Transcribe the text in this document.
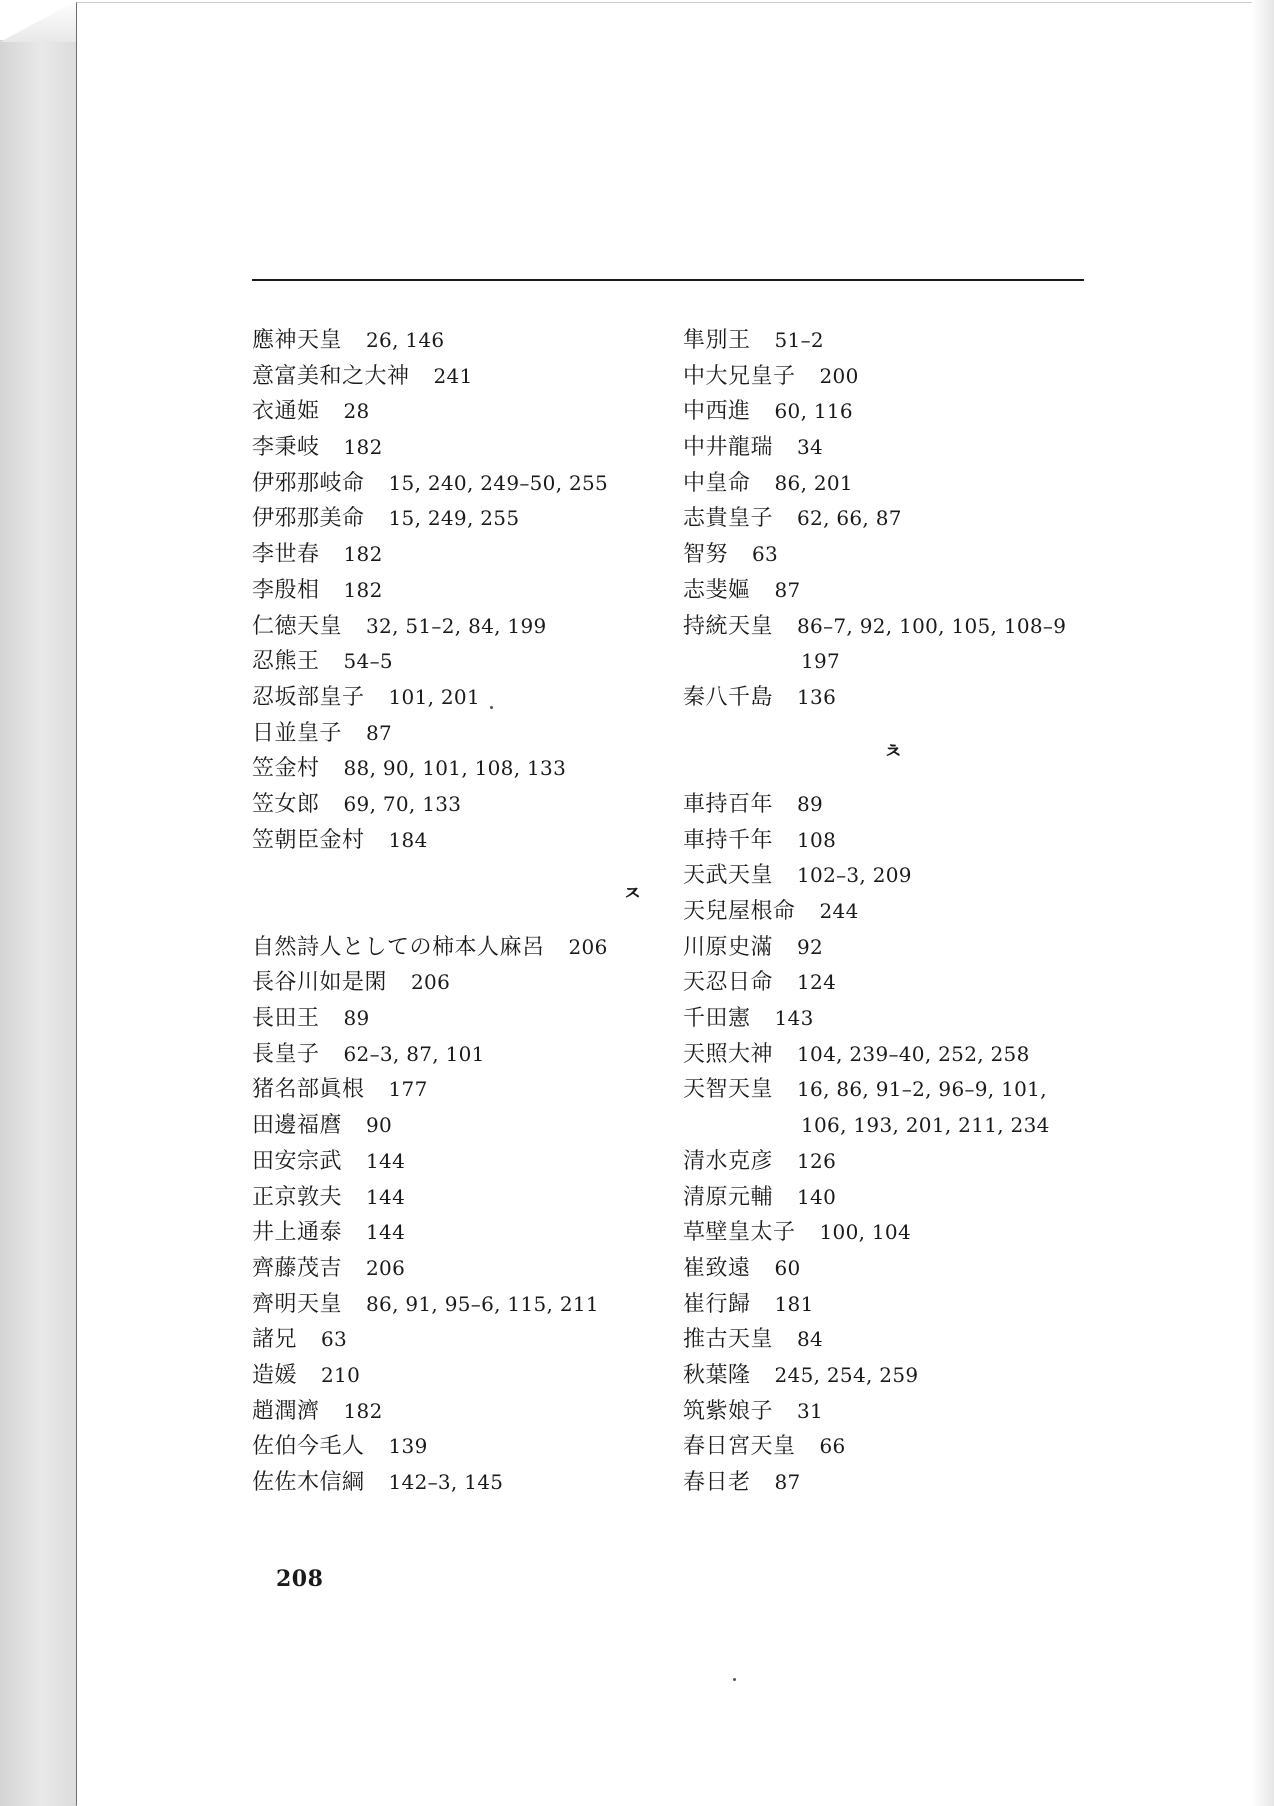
應神天皇 26, 146
意富美和之大神 241
衣通姫 28
李秉岐 182
伊邪那岐命 15, 240, 249–50, 255
伊邪那美命 15, 249, 255
李世春 182
李殷相 182
仁徳天皇 32, 51–2, 84, 199
忍熊王 54–5
忍坂部皇子 101, 201
日並皇子 87
笠金村 88, 90, 101, 108, 133
笠女郎 69, 70, 133
笠朝臣金村 184
ㅈ
自然詩人としての柿本人麻呂 206
長谷川如是閑 206
長田王 89
長皇子 62–3, 87, 101
猪名部眞根 177
田邊福麿 90
田安宗武 144
正京敦夫 144
井上通泰 144
齊藤茂吉 206
齊明天皇 86, 91, 95–6, 115, 211
諸兄 63
造媛 210
趙潤濟 182
佐伯今毛人 139
佐佐木信綱 142–3, 145
隼別王 51–2
中大兄皇子 200
中西進 60, 116
中井龍瑞 34
中皇命 86, 201
志貴皇子 62, 66, 87
智努 63
志斐嫗 87
持統天皇 86–7, 92, 100, 105, 108–9
197
秦八千島 136
ㅊ
車持百年 89
車持千年 108
天武天皇 102–3, 209
天兒屋根命 244
川原史滿 92
天忍日命 124
千田憲 143
天照大神 104, 239–40, 252, 258
天智天皇 16, 86, 91–2, 96–9, 101,
106, 193, 201, 211, 234
清水克彦 126
清原元輔 140
草壁皇太子 100, 104
崔致遠 60
崔行歸 181
推古天皇 84
秋葉隆 245, 254, 259
筑紫娘子 31
春日宮天皇 66
春日老 87
208
